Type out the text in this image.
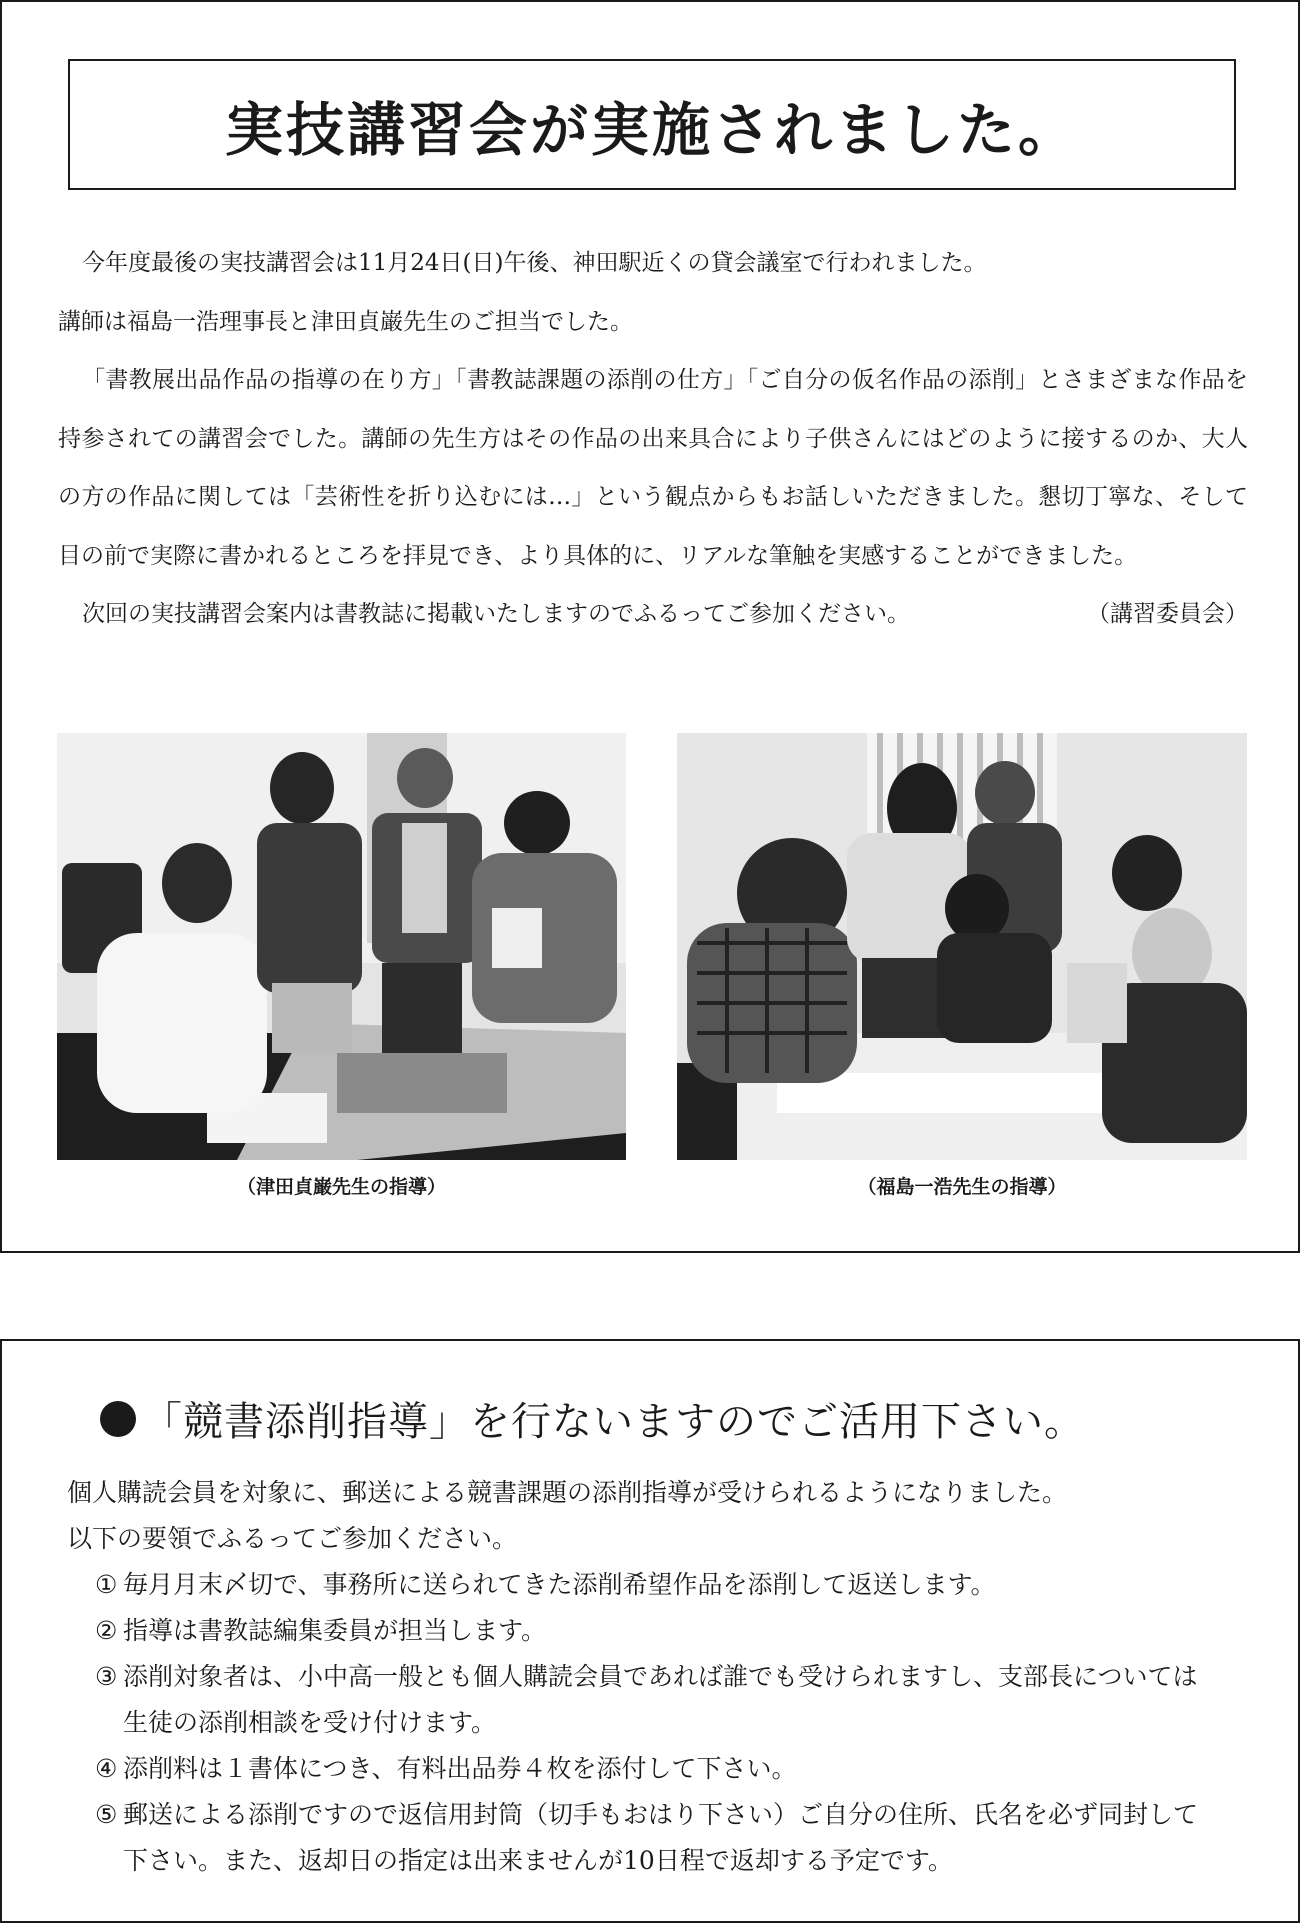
実技講習会が実施されました。

今年度最後の実技講習会は11月24日(日)午後、神田駅近くの貸会議室で行われました。

講師は福島一浩理事長と津田貞巌先生のご担当でした。

「書教展出品作品の指導の在り方」「書教誌課題の添削の仕方」「ご自分の仮名作品の添削」とさまざまな作品を持参されての講習会でした。講師の先生方はその作品の出来具合により子供さんにはどのように接するのか、大人の方の作品に関しては「芸術性を折り込むには…」という観点からもお話しいただきました。懇切丁寧な、そして目の前で実際に書かれるところを拝見でき、より具体的に、リアルな筆触を実感することができました。

次回の実技講習会案内は書教誌に掲載いたしますのでふるってご参加ください。	（講習委員会）

（津田貞巌先生の指導）	（福島一浩先生の指導）
「競書添削指導」を行ないますのでご活用下さい。

個人購読会員を対象に、郵送による競書課題の添削指導が受けられるようになりました。

以下の要領でふるってご参加ください。

① 毎月月末〆切で、事務所に送られてきた添削希望作品を添削して返送します。
② 指導は書教誌編集委員が担当します。
③ 添削対象者は、小中高一般とも個人購読会員であれば誰でも受けられますし、支部長については生徒の添削相談を受け付けます。
④ 添削料は１書体につき、有料出品券４枚を添付して下さい。
⑤ 郵送による添削ですので返信用封筒（切手もおはり下さい）ご自分の住所、氏名を必ず同封して下さい。また、返却日の指定は出来ませんが10日程で返却する予定です。
